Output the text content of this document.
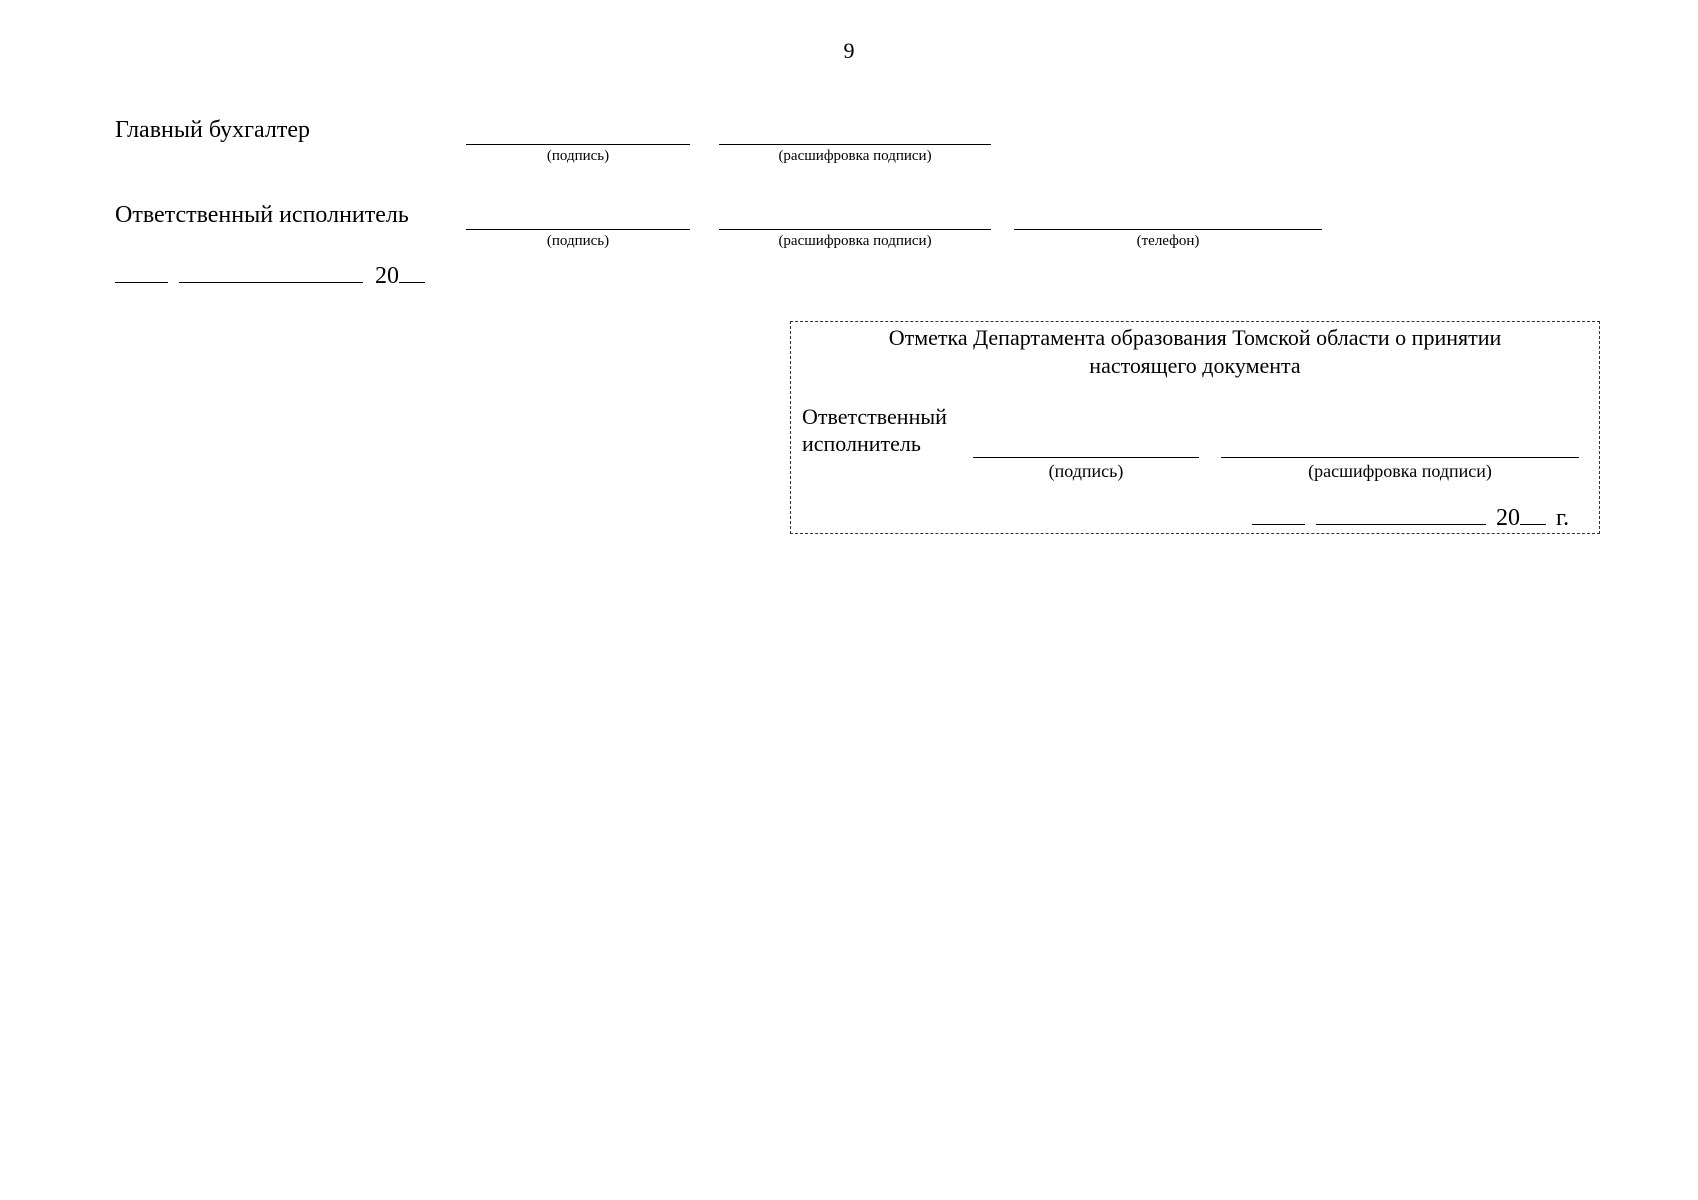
9
Главный бухгалтер
(подпись)	(расшифровка подписи)
Ответственный исполнитель
(подпись)	(расшифровка подписи)	(телефон)
20
Отметка Департамента образования Томской области о принятии
настоящего документа
Ответственный
исполнитель
(подпись)	(расшифровка подписи)
20 г.
